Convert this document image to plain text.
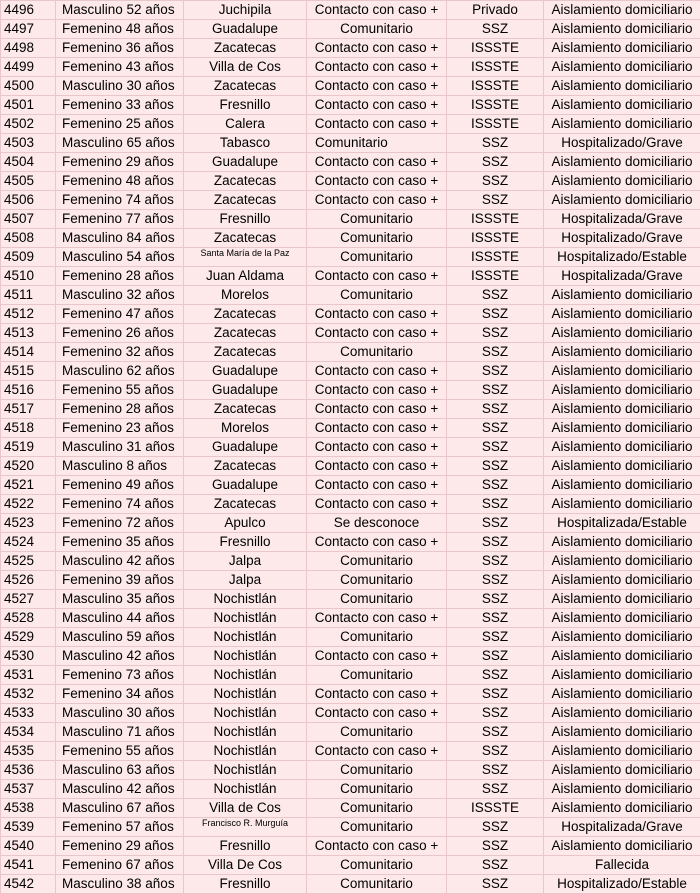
4496	Masculino 52 años	Juchipila	Contacto con caso +	Privado	Aislamiento domiciliario
4497	Femenino 48 años	Guadalupe	Comunitario	SSZ	Aislamiento domiciliario
4498	Femenino 36 años	Zacatecas	Contacto con caso +	ISSSTE	Aislamiento domiciliario
4499	Femenino 43 años	Villa de Cos	Contacto con caso +	ISSSTE	Aislamiento domiciliario
4500	Masculino 30 años	Zacatecas	Contacto con caso +	ISSSTE	Aislamiento domiciliario
4501	Femenino 33 años	Fresnillo	Contacto con caso +	ISSSTE	Aislamiento domiciliario
4502	Femenino 25 años	Calera	Contacto con caso +	ISSSTE	Aislamiento domiciliario
4503	Masculino 65 años	Tabasco	Comunitario	SSZ	Hospitalizado/Grave
4504	Femenino 29 años	Guadalupe	Contacto con caso +	SSZ	Aislamiento domiciliario
4505	Femenino 48 años	Zacatecas	Contacto con caso +	SSZ	Aislamiento domiciliario
4506	Femenino 74 años	Zacatecas	Contacto con caso +	SSZ	Aislamiento domiciliario
4507	Femenino 77 años	Fresnillo	Comunitario	ISSSTE	Hospitalizada/Grave
4508	Masculino 84 años	Zacatecas	Comunitario	ISSSTE	Hospitalizado/Grave
4509	Masculino 54 años	Santa María de la Paz	Comunitario	ISSSTE	Hospitalizado/Estable
4510	Femenino 28 años	Juan Aldama	Contacto con caso +	ISSSTE	Hospitalizada/Grave
4511	Masculino 32 años	Morelos	Comunitario	SSZ	Aislamiento domiciliario
4512	Femenino 47 años	Zacatecas	Contacto con caso +	SSZ	Aislamiento domiciliario
4513	Femenino 26 años	Zacatecas	Contacto con caso +	SSZ	Aislamiento domiciliario
4514	Femenino 32 años	Zacatecas	Comunitario	SSZ	Aislamiento domiciliario
4515	Masculino 62 años	Guadalupe	Contacto con caso +	SSZ	Aislamiento domiciliario
4516	Femenino 55 años	Guadalupe	Contacto con caso +	SSZ	Aislamiento domiciliario
4517	Femenino 28 años	Zacatecas	Contacto con caso +	SSZ	Aislamiento domiciliario
4518	Femenino 23 años	Morelos	Contacto con caso +	SSZ	Aislamiento domiciliario
4519	Masculino 31 años	Guadalupe	Contacto con caso +	SSZ	Aislamiento domiciliario
4520	Masculino 8 años	Zacatecas	Contacto con caso +	SSZ	Aislamiento domiciliario
4521	Femenino 49 años	Guadalupe	Contacto con caso +	SSZ	Aislamiento domiciliario
4522	Femenino 74 años	Zacatecas	Contacto con caso +	SSZ	Aislamiento domiciliario
4523	Femenino 72 años	Apulco	Se desconoce	SSZ	Hospitalizada/Estable
4524	Femenino 35 años	Fresnillo	Contacto con caso +	SSZ	Aislamiento domiciliario
4525	Masculino 42 años	Jalpa	Comunitario	SSZ	Aislamiento domiciliario
4526	Femenino 39 años	Jalpa	Comunitario	SSZ	Aislamiento domiciliario
4527	Masculino 35 años	Nochistlán	Comunitario	SSZ	Aislamiento domiciliario
4528	Masculino 44 años	Nochistlán	Contacto con caso +	SSZ	Aislamiento domiciliario
4529	Masculino 59 años	Nochistlán	Comunitario	SSZ	Aislamiento domiciliario
4530	Masculino 42 años	Nochistlán	Contacto con caso +	SSZ	Aislamiento domiciliario
4531	Femenino 73 años	Nochistlán	Comunitario	SSZ	Aislamiento domiciliario
4532	Femenino 34 años	Nochistlán	Contacto con caso +	SSZ	Aislamiento domiciliario
4533	Masculino 30 años	Nochistlán	Contacto con caso +	SSZ	Aislamiento domiciliario
4534	Masculino 71 años	Nochistlán	Comunitario	SSZ	Aislamiento domiciliario
4535	Femenino 55 años	Nochistlán	Contacto con caso +	SSZ	Aislamiento domiciliario
4536	Masculino 63 años	Nochistlán	Comunitario	SSZ	Aislamiento domiciliario
4537	Masculino 42 años	Nochistlán	Comunitario	SSZ	Aislamiento domiciliario
4538	Masculino 67 años	Villa de Cos	Comunitario	ISSSTE	Aislamiento domiciliario
4539	Femenino 57 años	Francisco R. Murguía	Comunitario	SSZ	Hospitalizada/Grave
4540	Femenino 29 años	Fresnillo	Contacto con caso +	SSZ	Aislamiento domiciliario
4541	Femenino 67 años	Villa De Cos	Comunitario	SSZ	Fallecida
4542	Masculino 38 años	Fresnillo	Comunitario	SSZ	Hospitalizado/Estable
